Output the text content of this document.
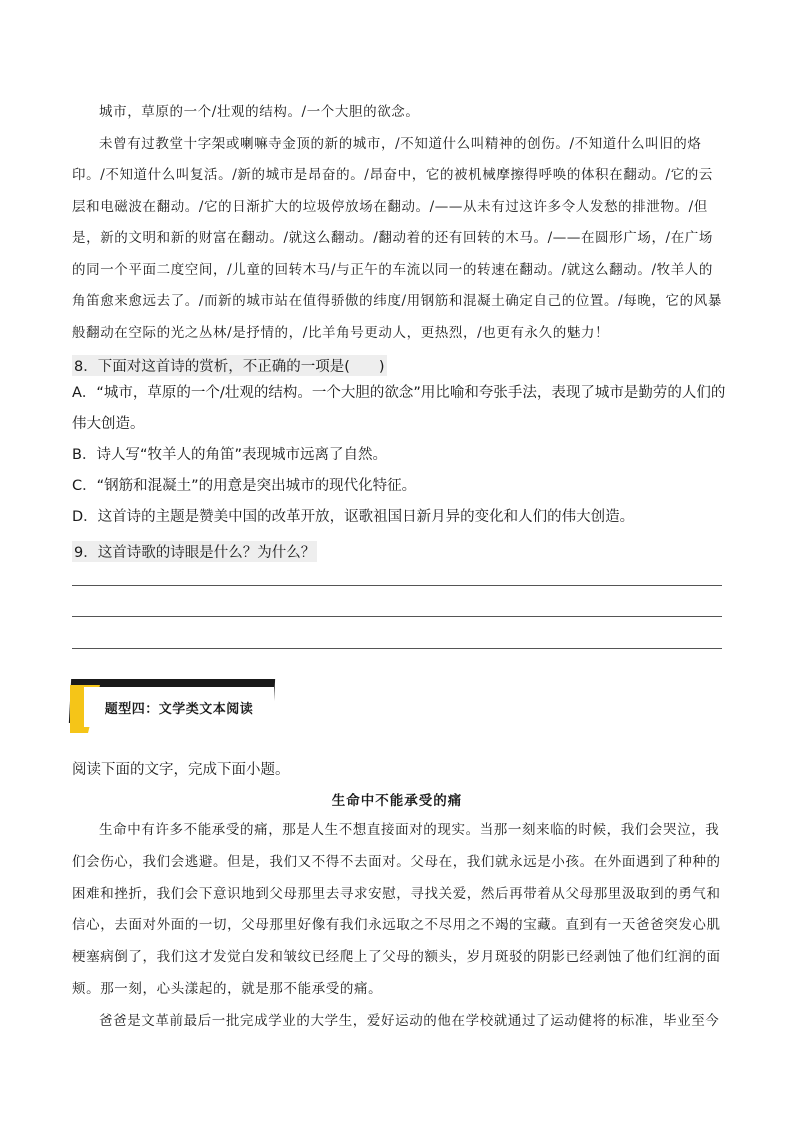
城市，草原的一个/壮观的结构。/一个大胆的欲念。

未曾有过教堂十字架或喇嘛寺金顶的新的城市，/不知道什么叫精神的创伤。/不知道什么叫旧的烙印。/不知道什么叫复活。/新的城市是昂奋的。/昂奋中，它的被机械摩擦得呼唤的体积在翻动。/它的云层和电磁波在翻动。/它的日渐扩大的垃圾停放场在翻动。/——从未有过这许多令人发愁的排泄物。/但是，新的文明和新的财富在翻动。/就这么翻动。/翻动着的还有回转的木马。/——在圆形广场，/在广场的同一个平面二度空间，/儿童的回转木马/与正午的车流以同一的转速在翻动。/就这么翻动。/牧羊人的角笛愈来愈远去了。/而新的城市站在值得骄傲的纬度/用钢筋和混凝土确定自己的位置。/每晚，它的风暴般翻动在空际的光之丛林/是抒情的，/比羊角号更动人，更热烈，/也更有永久的魅力！

8．下面对这首诗的赏析，不正确的一项是(　　)

A．“城市，草原的一个/壮观的结构。一个大胆的欲念”用比喻和夸张手法，表现了城市是勤劳的人们的伟大创造。

B．诗人写“牧羊人的角笛”表现城市远离了自然。

C．“钢筋和混凝土”的用意是突出城市的现代化特征。

D．这首诗的主题是赞美中国的改革开放，讴歌祖国日新月异的变化和人们的伟大创造。

9．这首诗歌的诗眼是什么？为什么？
题型四：文学类文本阅读
阅读下面的文字，完成下面小题。
生命中不能承受的痛

生命中有许多不能承受的痛，那是人生不想直接面对的现实。当那一刻来临的时候，我们会哭泣，我们会伤心，我们会逃避。但是，我们又不得不去面对。父母在，我们就永远是小孩。在外面遇到了种种的困难和挫折，我们会下意识地到父母那里去寻求安慰，寻找关爱，然后再带着从父母那里汲取到的勇气和信心，去面对外面的一切，父母那里好像有我们永远取之不尽用之不竭的宝藏。直到有一天爸爸突发心肌梗塞病倒了，我们这才发觉白发和皱纹已经爬上了父母的额头，岁月斑驳的阴影已经剥蚀了他们红润的面颊。那一刻，心头漾起的，就是那不能承受的痛。

爸爸是文革前最后一批完成学业的大学生，爱好运动的他在学校就通过了运动健将的标准，毕业至今
